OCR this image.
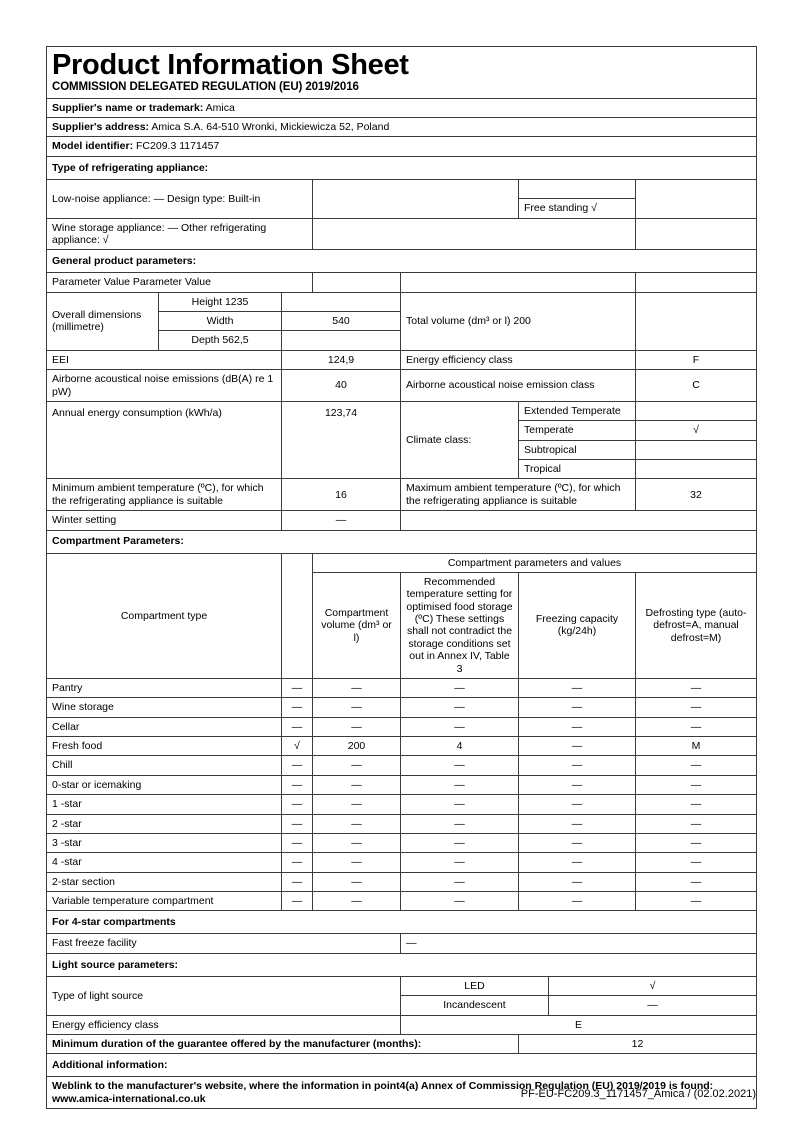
Product Information Sheet
COMMISSION DELEGATED REGULATION (EU) 2019/2016							

Supplier's name or trademark: Amica							
Supplier's address: Amica S.A. 64-510 Wronki, Mickiewicza 52, Poland							
Model identifier: FC209.3 1171457							
Type of refrigerating appliance:							
Low-noise appliance: — Design type: Built-in							
					Free standing √		
Wine storage appliance: — Other refrigerating appliance: √							
General product parameters:							
Parameter Value Parameter Value							
Overall dimensions (millimetre)	Height 1235			Total volume (dm³ or l) 200			
	Width	540					
	Depth 562,5						
EEI		124,9		Energy efficiency class			F
Airborne acoustical noise emissions (dB(A) re 1 pW)		40		Airborne acoustical noise emission class			C
Annual energy consumption (kWh/a)		123,74		Climate class:	Extended Temperate		
					Temperate		√
					Subtropical		
					Tropical		
Minimum ambient temperature (ºC), for which the refrigerating appliance is suitable		16		Maximum ambient temperature (ºC), for which the refrigerating appliance is suitable			32
Winter setting		—					
Compartment Parameters:							
Compartment type			Compartment parameters and values				
			Compartment volume (dm³ or l)	Recommended temperature setting for optimised food storage (ºC) These settings shall not contradict the storage conditions set out in Annex IV, Table 3	Freezing capacity (kg/24h)		Defrosting type (auto-defrost=A, manual defrost=M)
Pantry		—	—	—	—		—
Wine storage		—	—	—	—		—
Cellar		—	—	—	—		—
Fresh food		√	200	4	—		M
Chill		—	—	—	—		—
0-star or icemaking		—	—	—	—		—
1 -star		—	—	—	—		—
2 -star		—	—	—	—		—
3 -star		—	—	—	—		—
4 -star		—	—	—	—		—
2-star section		—	—	—	—		—
Variable temperature compartment		—	—	—	—		—
For 4-star compartments							
Fast freeze facility				—			
Light source parameters:							
Type of light source				LED		√	
				Incandescent		—	
Energy efficiency class				E			
Minimum duration of the guarantee offered by the manufacturer (months):					12		
Additional information:							
Weblink to the manufacturer's website, where the information in point4(a) Annex of Commission Regulation (EU) 2019/2019 is found: www.amica-international.co.uk								PF-EU-FC209.3_1171457_Amica / (02.02.2021)
